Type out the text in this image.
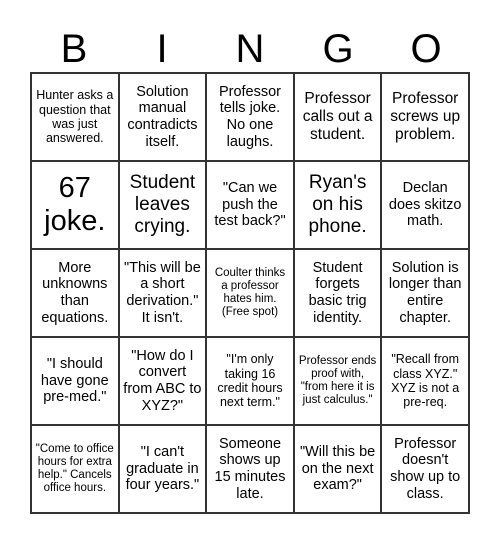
B	I	N	G	O
Hunter asks a question that was just answered.
Solution manual contradicts itself.
Professor tells joke. No one laughs.
Professor calls out a student.
Professor screws up problem.
67 joke.
Student leaves crying.
"Can we push the test back?"
Ryan's on his phone.
Declan does skitzo math.
More unknowns than equations.
"This will be a short derivation." It isn't.
Coulter thinks a professor hates him. (Free spot)
Student forgets basic trig identity.
Solution is longer than entire chapter.
"I should have gone pre-med."
"How do I convert from ABC to XYZ?"
"I'm only taking 16 credit hours next term."
Professor ends proof with, "from here it is just calculus."
"Recall from class XYZ." XYZ is not a pre-req.
"Come to office hours for extra help." Cancels office hours.
"I can't graduate in four years."
Someone shows up 15 minutes late.
"Will this be on the next exam?"
Professor doesn't show up to class.
